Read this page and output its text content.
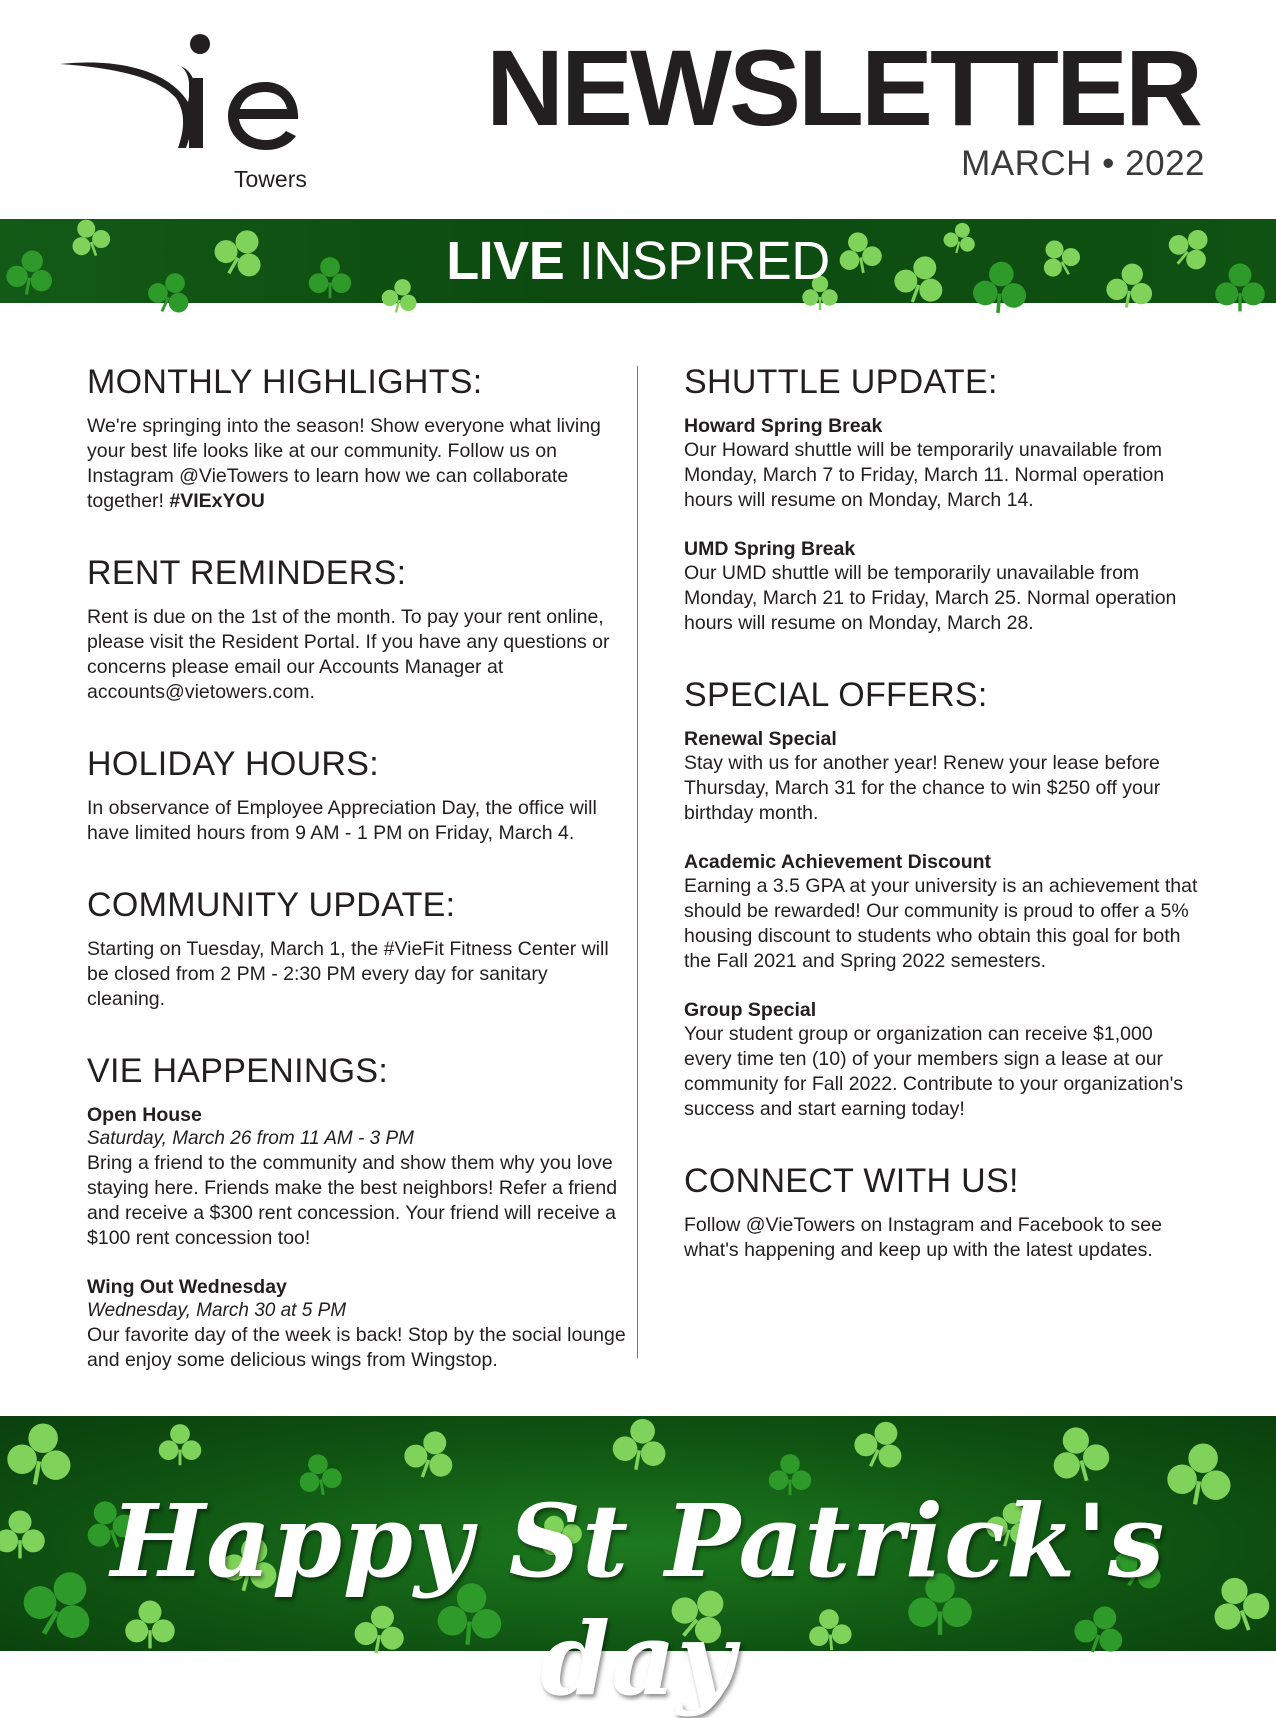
Towers
NEWSLETTER
MARCH • 2022
LIVE INSPIRED
MONTHLY HIGHLIGHTS:

We're springing into the season! Show everyone what living your best life looks like at our community. Follow us on Instagram @VieTowers to learn how we can collaborate together! #VIExYOU

RENT REMINDERS:

Rent is due on the 1st of the month. To pay your rent online, please visit the Resident Portal. If you have any questions or concerns please email our Accounts Manager at accounts@vietowers.com.

HOLIDAY HOURS:

In observance of Employee Appreciation Day, the office will have limited hours from 9 AM - 1 PM on Friday, March 4.

COMMUNITY UPDATE:

Starting on Tuesday, March 1, the #VieFit Fitness Center will be closed from 2 PM - 2:30 PM every day for sanitary cleaning.

VIE HAPPENINGS:
Open House
Saturday, March 26 from 11 AM - 3 PM

Bring a friend to the community and show them why you love staying here. Friends make the best neighbors! Refer a friend and receive a $300 rent concession. Your friend will receive a $100 rent concession too!

Wing Out Wednesday
Wednesday, March 30 at 5 PM

Our favorite day of the week is back! Stop by the social lounge and enjoy some delicious wings from Wingstop.

SHUTTLE UPDATE:
Howard Spring Break

Our Howard shuttle will be temporarily unavailable from Monday, March 7 to Friday, March 11. Normal operation hours will resume on Monday, March 14.

UMD Spring Break

Our UMD shuttle will be temporarily unavailable from Monday, March 21 to Friday, March 25. Normal operation hours will resume on Monday, March 28.

SPECIAL OFFERS:
Renewal Special

Stay with us for another year! Renew your lease before Thursday, March 31 for the chance to win $250 off your birthday month.

Academic Achievement Discount

Earning a 3.5 GPA at your university is an achievement that should be rewarded! Our community is proud to offer a 5% housing discount to students who obtain this goal for both the Fall 2021 and Spring 2022 semesters.

Group Special

Your student group or organization can receive $1,000 every time ten (10) of your members sign a lease at our community for Fall 2022. Contribute to your organization's success and start earning today!

CONNECT WITH US!

Follow @VieTowers on Instagram and Facebook to see what's happening and keep up with the latest updates.

Happy St Patrick's day
